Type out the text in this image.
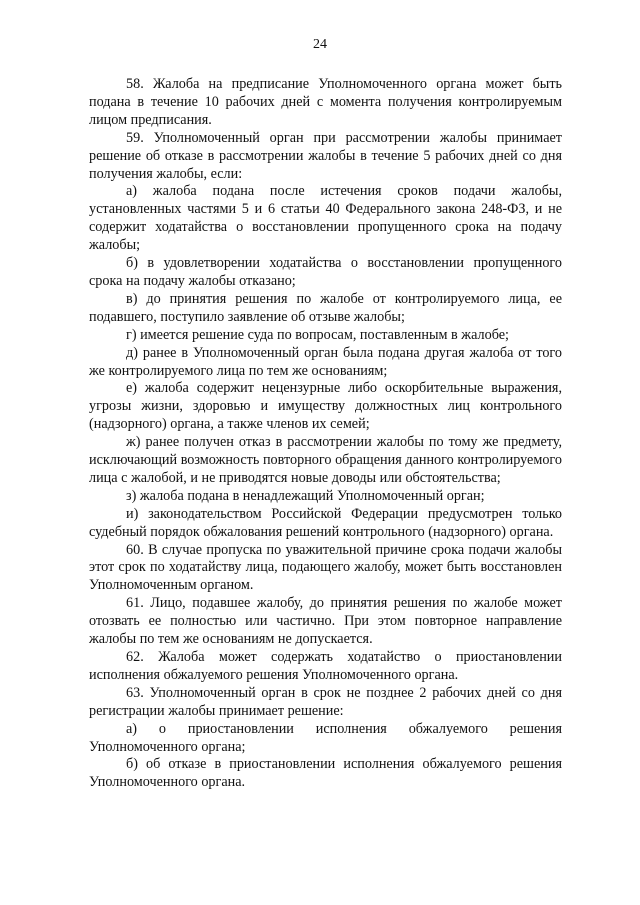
24

58. Жалоба на предписание Уполномоченного органа может быть подана в течение 10 рабочих дней с момента получения контролируемым лицом предписания.

59. Уполномоченный орган при рассмотрении жалобы принимает решение об отказе в рассмотрении жалобы в течение 5 рабочих дней со дня получения жалобы, если:

а) жалоба подана после истечения сроков подачи жалобы, установленных частями 5 и 6 статьи 40 Федерального закона 248-ФЗ, и не содержит ходатайства о восстановлении пропущенного срока на подачу жалобы;

б) в удовлетворении ходатайства о восстановлении пропущенного срока на подачу жалобы отказано;

в) до принятия решения по жалобе от контролируемого лица, ее подавшего, поступило заявление об отзыве жалобы;

г) имеется решение суда по вопросам, поставленным в жалобе;

д) ранее в Уполномоченный орган была подана другая жалоба от того же контролируемого лица по тем же основаниям;

е) жалоба содержит нецензурные либо оскорбительные выражения, угрозы жизни, здоровью и имуществу должностных лиц контрольного (надзорного) органа, а также членов их семей;

ж) ранее получен отказ в рассмотрении жалобы по тому же предмету, исключающий возможность повторного обращения данного контролируемого лица с жалобой, и не приводятся новые доводы или обстоятельства;

з) жалоба подана в ненадлежащий Уполномоченный орган;

и) законодательством Российской Федерации предусмотрен только судебный порядок обжалования решений контрольного (надзорного) органа.

60. В случае пропуска по уважительной причине срока подачи жалобы этот срок по ходатайству лица, подающего жалобу, может быть восстановлен Уполномоченным органом.

61. Лицо, подавшее жалобу, до принятия решения по жалобе может отозвать ее полностью или частично. При этом повторное направление жалобы по тем же основаниям не допускается.

62. Жалоба может содержать ходатайство о приостановлении исполнения обжалуемого решения Уполномоченного органа.

63. Уполномоченный орган в срок не позднее 2 рабочих дней со дня регистрации жалобы принимает решение:

а) о приостановлении исполнения обжалуемого решения Уполномоченного органа;

б) об отказе в приостановлении исполнения обжалуемого решения Уполномоченного органа.
